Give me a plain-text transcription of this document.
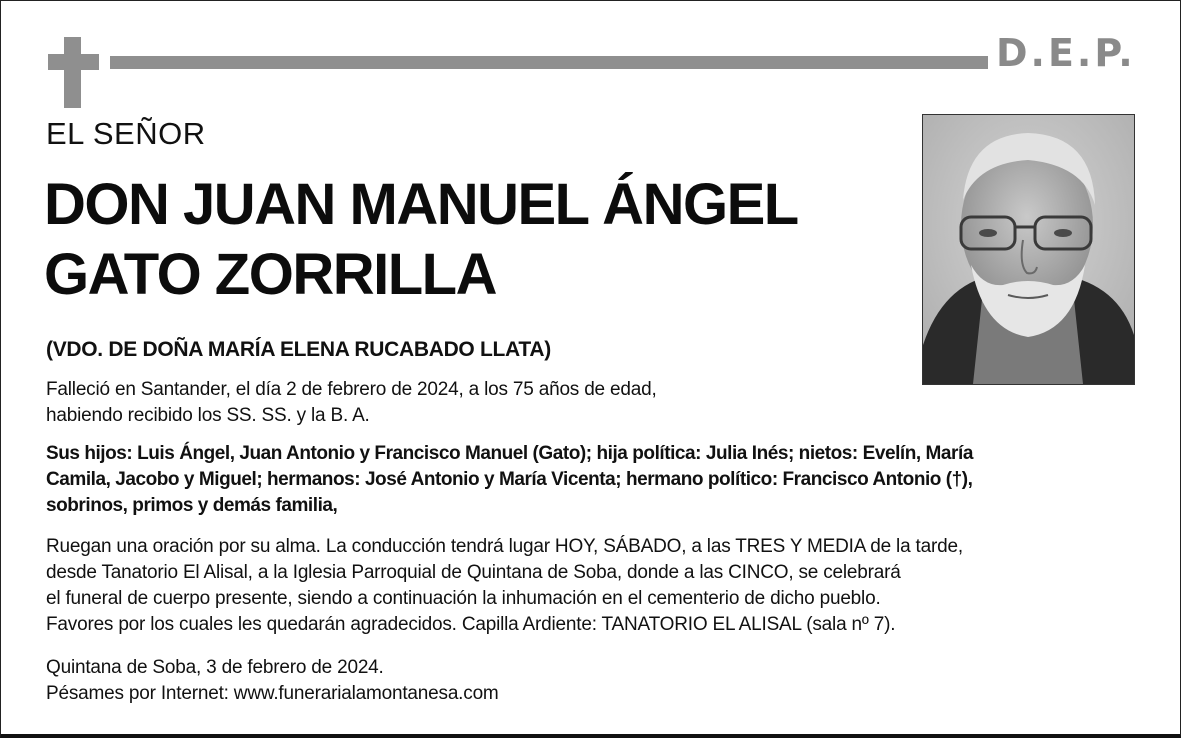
D.E.P.
EL SEÑOR
DON JUAN MANUEL ÁNGEL
GATO ZORRILLA
(VDO. DE DOÑA MARÍA ELENA RUCABADO LLATA)
Falleció en Santander, el día 2 de febrero de 2024, a los 75 años de edad,
habiendo recibido los SS. SS. y la B. A.
Sus hijos: Luis Ángel, Juan Antonio y Francisco Manuel (Gato); hija política: Julia Inés; nietos: Evelín, María
Camila, Jacobo y Miguel; hermanos: José Antonio y María Vicenta; hermano político: Francisco Antonio (†),
sobrinos, primos y demás familia,
Ruegan una oración por su alma. La conducción tendrá lugar HOY, SÁBADO, a las TRES Y MEDIA de la tarde,
desde Tanatorio El Alisal, a la Iglesia Parroquial de Quintana de Soba, donde a las CINCO, se celebrará
el funeral de cuerpo presente, siendo a continuación la inhumación en el cementerio de dicho pueblo.
Favores por los cuales les quedarán agradecidos. Capilla Ardiente: TANATORIO EL ALISAL (sala nº 7).
Quintana de Soba, 3 de febrero de 2024.
Pésames por Internet: www.funerarialamontanesa.com
